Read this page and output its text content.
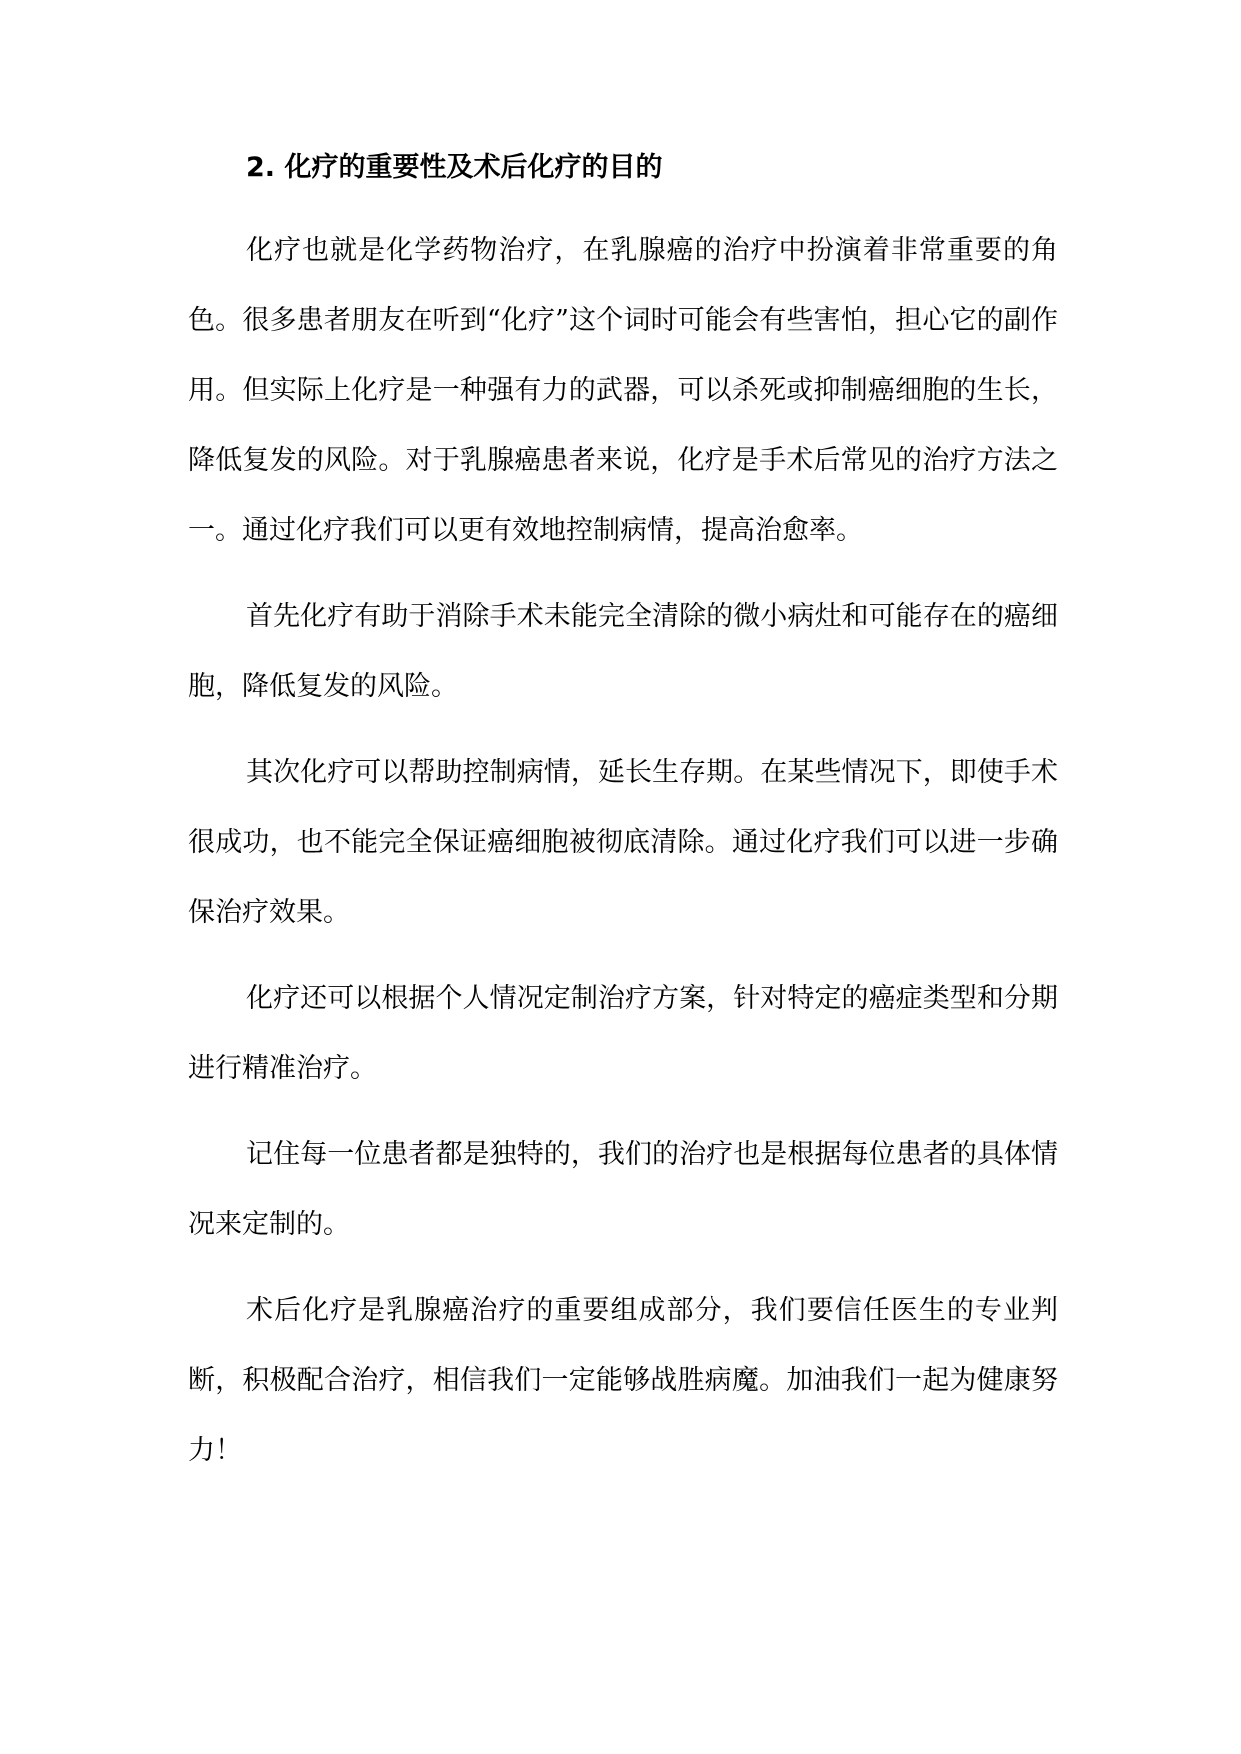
2. 化疗的重要性及术后化疗的目的

化疗也就是化学药物治疗，在乳腺癌的治疗中扮演着非常重要的角色。很多患者朋友在听到“化疗”这个词时可能会有些害怕，担心它的副作用。但实际上化疗是一种强有力的武器，可以杀死或抑制癌细胞的生长，降低复发的风险。对于乳腺癌患者来说，化疗是手术后常见的治疗方法之一。通过化疗我们可以更有效地控制病情，提高治愈率。

首先化疗有助于消除手术未能完全清除的微小病灶和可能存在的癌细胞，降低复发的风险。

其次化疗可以帮助控制病情，延长生存期。在某些情况下，即使手术很成功，也不能完全保证癌细胞被彻底清除。通过化疗我们可以进一步确保治疗效果。

化疗还可以根据个人情况定制治疗方案，针对特定的癌症类型和分期进行精准治疗。

记住每一位患者都是独特的，我们的治疗也是根据每位患者的具体情况来定制的。

术后化疗是乳腺癌治疗的重要组成部分，我们要信任医生的专业判断，积极配合治疗，相信我们一定能够战胜病魔。加油我们一起为健康努力！
